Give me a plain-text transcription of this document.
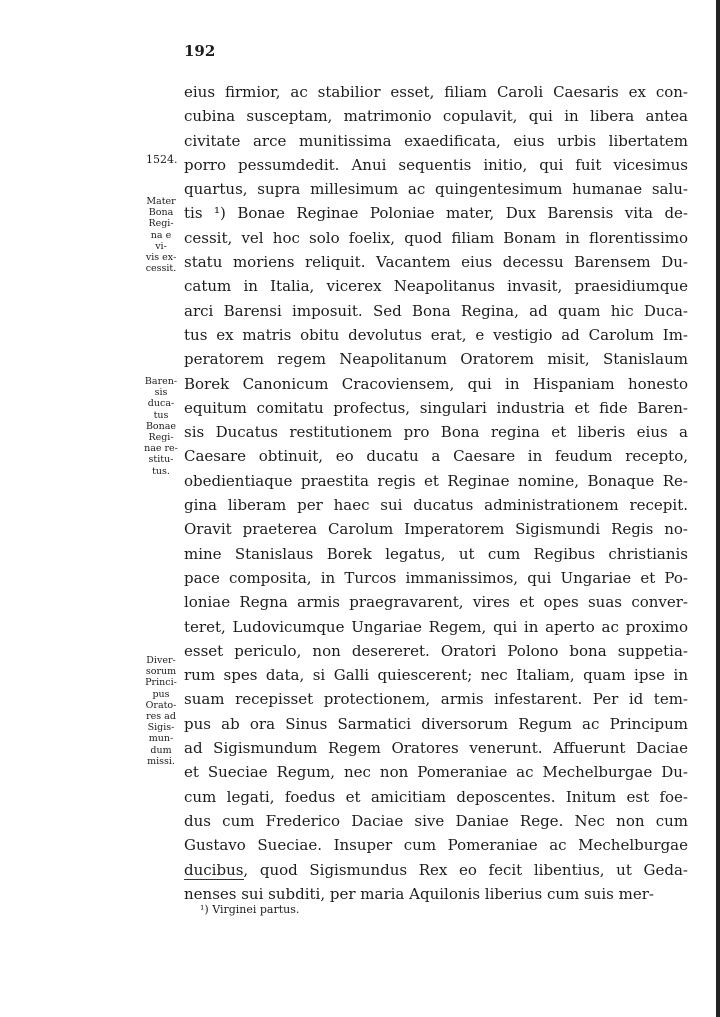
192
1524.
Mater
Bona
Regi-
na e
vi-
vis ex-
cessit.
Baren-
sis
duca-
tus
Bonae
Regi-
nae re-
stitu-
tus.
Diver-
sorum
Princi-
pus
Orato-
res ad
Sigis-
mun-
dum
missi.
eius firmior, ac stabilior esset, filiam Caroli Caesaris ex con-
cubina susceptam, matrimonio copulavit, qui in libera antea
civitate arce munitissima exaedificata, eius urbis libertatem
porro pessumdedit. Anui sequentis initio, qui fuit vicesimus
quartus, supra millesimum ac quingentesimum humanae salu-
tis ¹) Bonae Reginae Poloniae mater, Dux Barensis vita de-
cessit, vel hoc solo foelix, quod filiam Bonam in florentissimo
statu moriens reliquit. Vacantem eius decessu Barensem Du-
catum in Italia, vicerex Neapolitanus invasit, praesidiumque
arci Barensi imposuit. Sed Bona Regina, ad quam hic Duca-
tus ex matris obitu devolutus erat, e vestigio ad Carolum Im-
peratorem regem Neapolitanum Oratorem misit, Stanislaum
Borek Canonicum Cracoviensem, qui in Hispaniam honesto
equitum comitatu profectus, singulari industria et fide Baren-
sis Ducatus restitutionem pro Bona regina et liberis eius a
Caesare obtinuit, eo ducatu a Caesare in feudum recepto,
obedientiaque praestita regis et Reginae nomine, Bonaque Re-
gina liberam per haec sui ducatus administrationem recepit.
Oravit praeterea Carolum Imperatorem Sigismundi Regis no-
mine Stanislaus Borek legatus, ut cum Regibus christianis
pace composita, in Turcos immanissimos, qui Ungariae et Po-
loniae Regna armis praegravarent, vires et opes suas conver-
teret, Ludovicumque Ungariae Regem, qui in aperto ac proximo
esset periculo, non desereret. Oratori Polono bona suppetia-
rum spes data, si Galli quiescerent; nec Italiam, quam ipse in
suam recepisset protectionem, armis infestarent. Per id tem-
pus ab ora Sinus Sarmatici diversorum Regum ac Principum
ad Sigismundum Regem Oratores venerunt. Affuerunt Daciae
et Sueciae Regum, nec non Pomeraniae ac Mechelburgae Du-
cum legati, foedus et amicitiam deposcentes. Initum est foe-
dus cum Frederico Daciae sive Daniae Rege. Nec non cum
Gustavo Sueciae. Insuper cum Pomeraniae ac Mechelburgae
ducibus, quod Sigismundus Rex eo fecit libentius, ut Geda-
nenses sui subditi, per maria Aquilonis liberius cum suis mer-
¹) Virginei partus.
